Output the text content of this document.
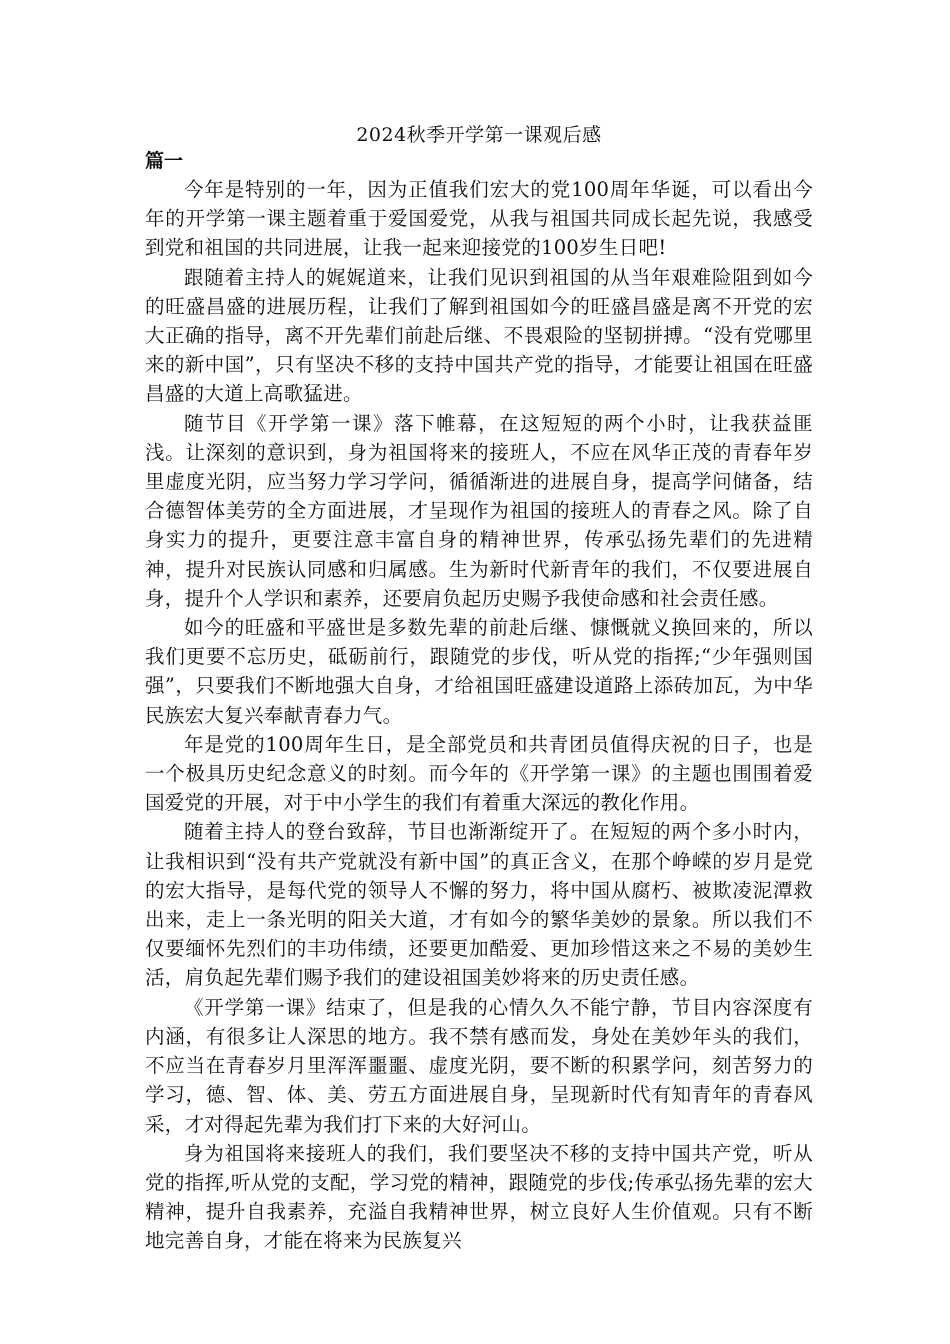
2024秋季开学第一课观后感
篇一

今年是特别的一年，因为正值我们宏大的党100周年华诞，可以看出今年的开学第一课主题着重于爱国爱党，从我与祖国共同成长起先说，我感受到党和祖国的共同进展，让我一起来迎接党的100岁生日吧!

跟随着主持人的娓娓道来，让我们见识到祖国的从当年艰难险阻到如今的旺盛昌盛的进展历程，让我们了解到祖国如今的旺盛昌盛是离不开党的宏大正确的指导，离不开先辈们前赴后继、不畏艰险的坚韧拼搏。“没有党哪里来的新中国”，只有坚决不移的支持中国共产党的指导，才能要让祖国在旺盛昌盛的大道上高歌猛进。

随节目《开学第一课》落下帷幕，在这短短的两个小时，让我获益匪浅。让深刻的意识到，身为祖国将来的接班人，不应在风华正茂的青春年岁里虚度光阴，应当努力学习学问，循循渐进的进展自身，提高学问储备，结合德智体美劳的全方面进展，才呈现作为祖国的接班人的青春之风。除了自身实力的提升，更要注意丰富自身的精神世界，传承弘扬先辈们的先进精神，提升对民族认同感和归属感。生为新时代新青年的我们，不仅要进展自身，提升个人学识和素养，还要肩负起历史赐予我使命感和社会责任感。

如今的旺盛和平盛世是多数先辈的前赴后继、慷慨就义换回来的，所以我们更要不忘历史，砥砺前行，跟随党的步伐，听从党的指挥;“少年强则国强”，只要我们不断地强大自身，才给祖国旺盛建设道路上添砖加瓦，为中华民族宏大复兴奉献青春力气。

年是党的100周年生日，是全部党员和共青团员值得庆祝的日子，也是一个极具历史纪念意义的时刻。而今年的《开学第一课》的主题也围围着爱国爱党的开展，对于中小学生的我们有着重大深远的教化作用。

随着主持人的登台致辞，节目也渐渐绽开了。在短短的两个多小时内，让我相识到“没有共产党就没有新中国”的真正含义，在那个峥嵘的岁月是党的宏大指导，是每代党的领导人不懈的努力，将中国从腐朽、被欺凌泥潭救出来，走上一条光明的阳关大道，才有如今的繁华美妙的景象。所以我们不仅要缅怀先烈们的丰功伟绩，还要更加酷爱、更加珍惜这来之不易的美妙生活，肩负起先辈们赐予我们的建设祖国美妙将来的历史责任感。

《开学第一课》结束了，但是我的心情久久不能宁静，节目内容深度有内涵，有很多让人深思的地方。我不禁有感而发，身处在美妙年头的我们，不应当在青春岁月里浑浑噩噩、虚度光阴，要不断的积累学问，刻苦努力的学习，德、智、体、美、劳五方面进展自身，呈现新时代有知青年的青春风采，才对得起先辈为我们打下来的大好河山。

身为祖国将来接班人的我们，我们要坚决不移的支持中国共产党，听从党的指挥,听从党的支配，学习党的精神，跟随党的步伐;传承弘扬先辈的宏大精神，提升自我素养，充溢自我精神世界，树立良好人生价值观。只有不断地完善自身，才能在将来为民族复兴
